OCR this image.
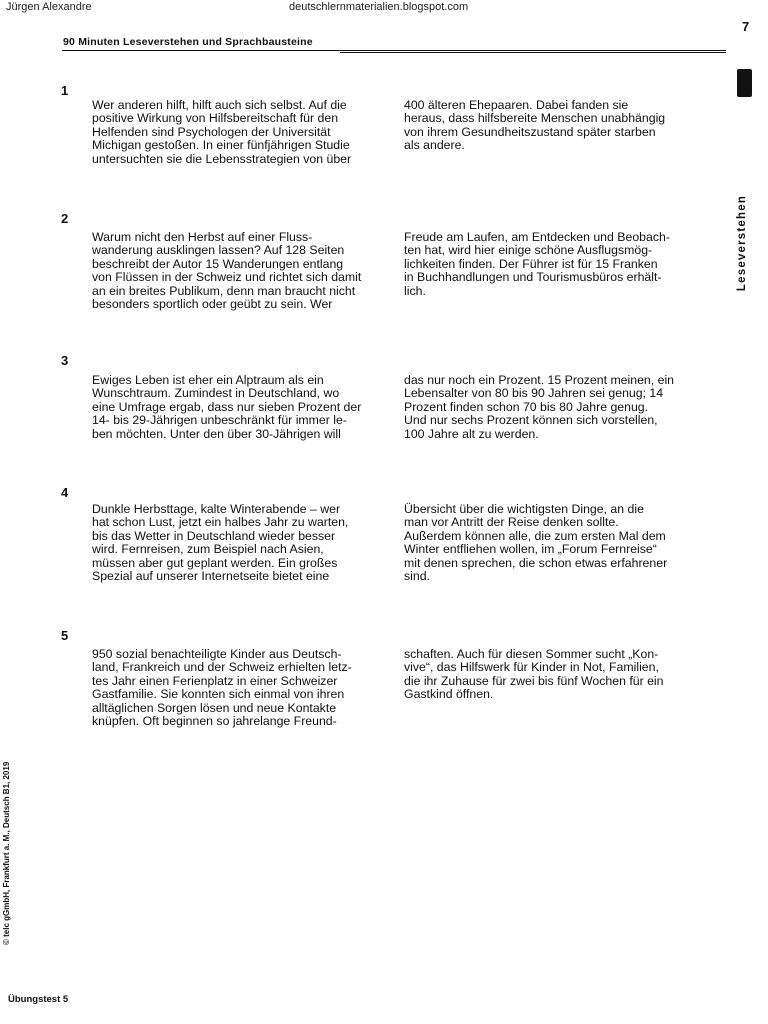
Jürgen Alexandre	deutschlernmaterialien.blogspot.com
7
90 Minuten Leseverstehen und Sprachbausteine
Leseverstehen
1
Wer anderen hilft, hilft auch sich selbst. Auf die
positive Wirkung von Hilfsbereitschaft für den
Helfenden sind Psychologen der Universität
Michigan gestoßen. In einer fünfjährigen Studie
untersuchten sie die Lebensstrategien von über
400 älteren Ehepaaren. Dabei fanden sie
heraus, dass hilfsbereite Menschen unabhängig
von ihrem Gesundheitszustand später starben
als andere.
2
Warum nicht den Herbst auf einer Fluss-
wanderung ausklingen lassen? Auf 128 Seiten
beschreibt der Autor 15 Wanderungen entlang
von Flüssen in der Schweiz und richtet sich damit
an ein breites Publikum, denn man braucht nicht
besonders sportlich oder geübt zu sein. Wer
Freude am Laufen, am Entdecken und Beobach-
ten hat, wird hier einige schöne Ausflugsmög-
lichkeiten finden. Der Führer ist für 15 Franken
in Buchhandlungen und Tourismusbüros erhält-
lich.
3
Ewiges Leben ist eher ein Alptraum als ein
Wunschtraum. Zumindest in Deutschland, wo
eine Umfrage ergab, dass nur sieben Prozent der
14- bis 29-Jährigen unbeschränkt für immer le-
ben möchten. Unter den über 30-Jährigen will
das nur noch ein Prozent. 15 Prozent meinen, ein
Lebensalter von 80 bis 90 Jahren sei genug; 14
Prozent finden schon 70 bis 80 Jahre genug.
Und nur sechs Prozent können sich vorstellen,
100 Jahre alt zu werden.
4
Dunkle Herbsttage, kalte Winterabende – wer
hat schon Lust, jetzt ein halbes Jahr zu warten,
bis das Wetter in Deutschland wieder besser
wird. Fernreisen, zum Beispiel nach Asien,
müssen aber gut geplant werden. Ein großes
Spezial auf unserer Internetseite bietet eine
Übersicht über die wichtigsten Dinge, an die
man vor Antritt der Reise denken sollte.
Außerdem können alle, die zum ersten Mal dem
Winter entfliehen wollen, im „Forum Fernreise“
mit denen sprechen, die schon etwas erfahrener
sind.
5
950 sozial benachteiligte Kinder aus Deutsch-
land, Frankreich und der Schweiz erhielten letz-
tes Jahr einen Ferienplatz in einer Schweizer
Gastfamilie. Sie konnten sich einmal von ihren
alltäglichen Sorgen lösen und neue Kontakte
knüpfen. Oft beginnen so jahrelange Freund-
schaften. Auch für diesen Sommer sucht „Kon-
vive“, das Hilfswerk für Kinder in Not, Familien,
die ihr Zuhause für zwei bis fünf Wochen für ein
Gastkind öffnen.
© telc gGmbH, Frankfurt a. M., Deutsch B1, 2019
Übungstest 5
